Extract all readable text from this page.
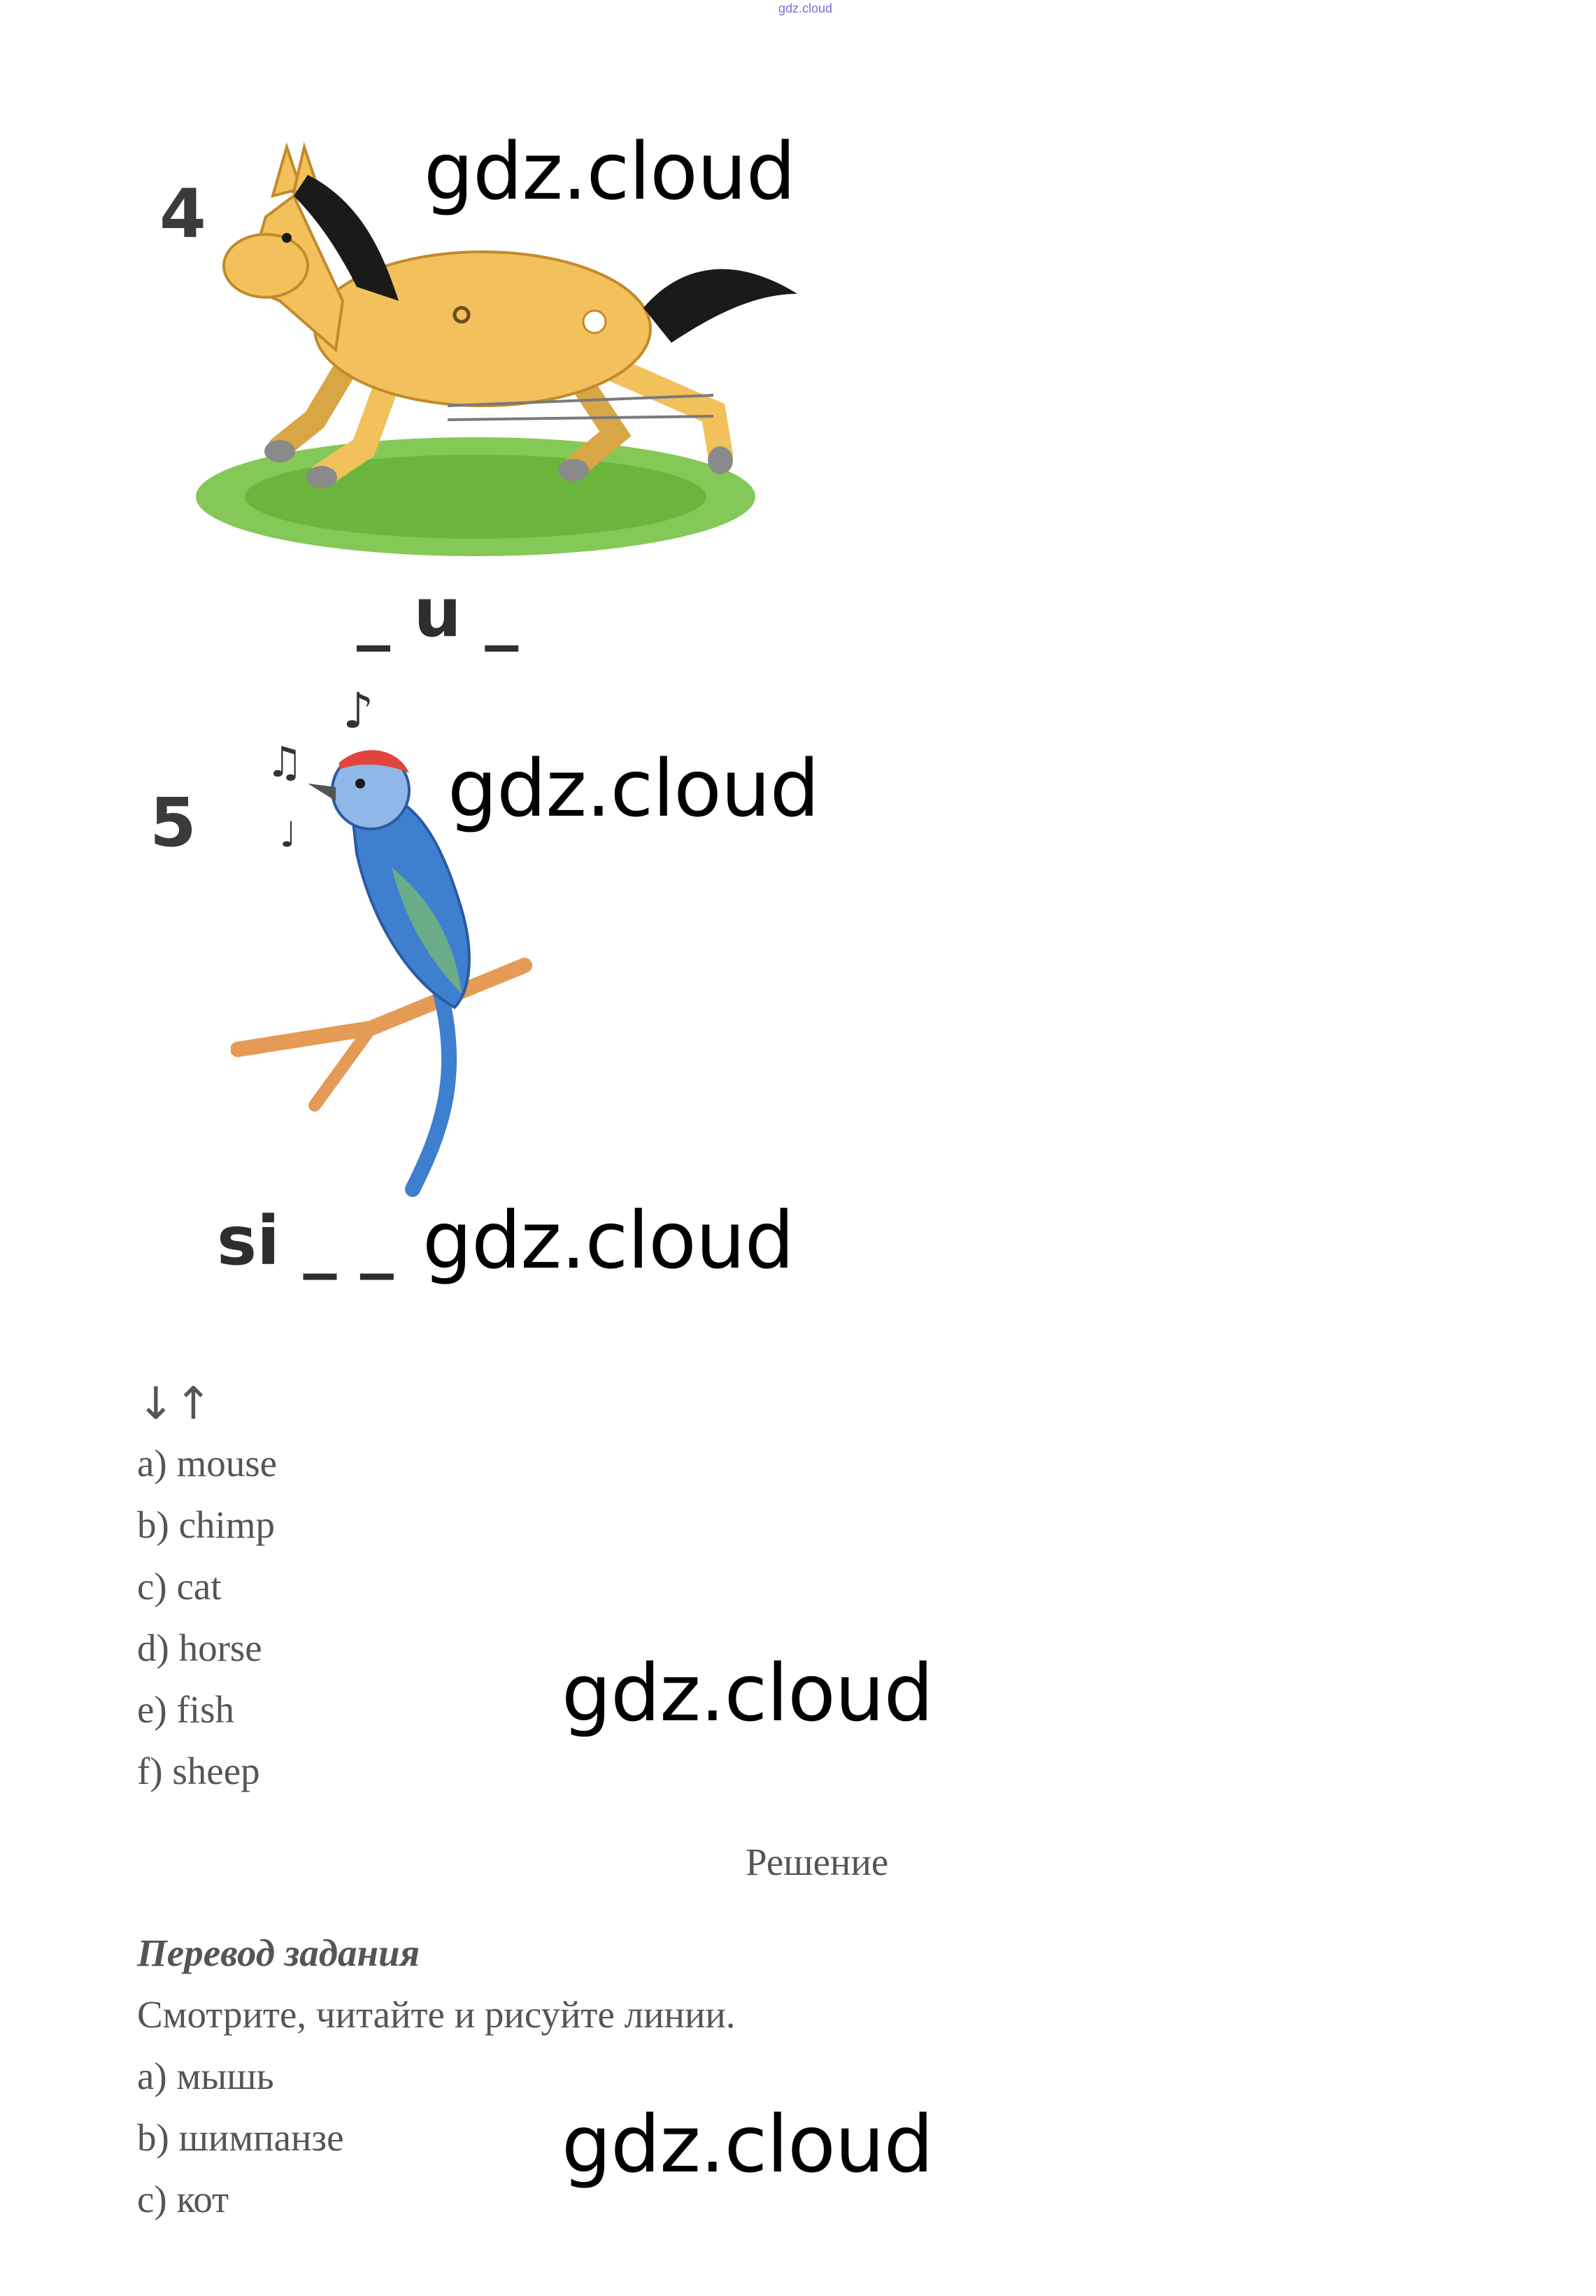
gdz.cloud
4	gdz.cloud
_ u _
5
♪
♫
♩ gdz.cloud
si _ _ gdz.cloud
↓↑
a) mouse
b) chimp
c) cat
d) horse
e) fish
f) sheep
gdz.cloud
Решение
Перевод задания
Смотрите, читайте и рисуйте линии.
a) мышь
b) шимпанзе
c) кот
gdz.cloud
